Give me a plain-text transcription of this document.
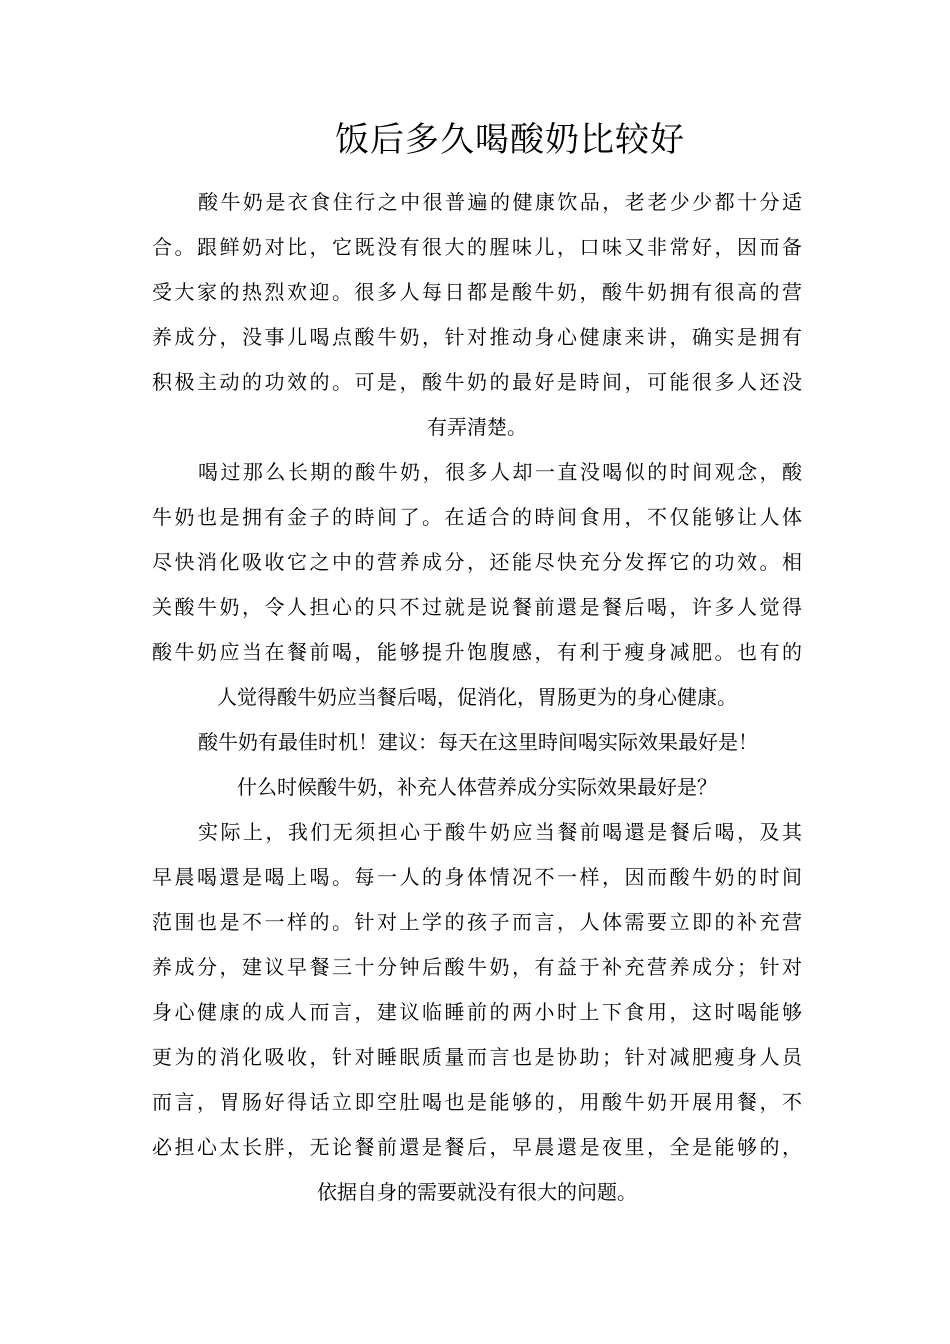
饭后多久喝酸奶比较好
酸牛奶是衣食住行之中很普遍的健康饮品，老老少少都十分适
合。跟鲜奶对比，它既没有很大的腥味儿，口味又非常好，因而备
受大家的热烈欢迎。很多人每日都是酸牛奶，酸牛奶拥有很高的营
养成分，没事儿喝点酸牛奶，针对推动身心健康来讲，确实是拥有
积极主动的功效的。可是，酸牛奶的最好是時间，可能很多人还没
有弄清楚。
喝过那么长期的酸牛奶，很多人却一直没喝似的时间观念，酸
牛奶也是拥有金子的時间了。在适合的時间食用，不仅能够让人体
尽快消化吸收它之中的营养成分，还能尽快充分发挥它的功效。相
关酸牛奶，令人担心的只不过就是说餐前還是餐后喝，许多人觉得
酸牛奶应当在餐前喝，能够提升饱腹感，有利于瘦身减肥。也有的
人觉得酸牛奶应当餐后喝，促消化，胃肠更为的身心健康。
酸牛奶有最佳时机！建议：每天在这里時间喝实际效果最好是！
什么时候酸牛奶，补充人体营养成分实际效果最好是？
实际上，我们无须担心于酸牛奶应当餐前喝還是餐后喝，及其
早晨喝還是喝上喝。每一人的身体情况不一样，因而酸牛奶的时间
范围也是不一样的。针对上学的孩子而言，人体需要立即的补充营
养成分，建议早餐三十分钟后酸牛奶，有益于补充营养成分；针对
身心健康的成人而言，建议临睡前的两小时上下食用，这时喝能够
更为的消化吸收，针对睡眠质量而言也是协助；针对减肥瘦身人员
而言，胃肠好得话立即空肚喝也是能够的，用酸牛奶开展用餐，不
必担心太长胖，无论餐前還是餐后，早晨還是夜里，全是能够的，
依据自身的需要就没有很大的问题。
